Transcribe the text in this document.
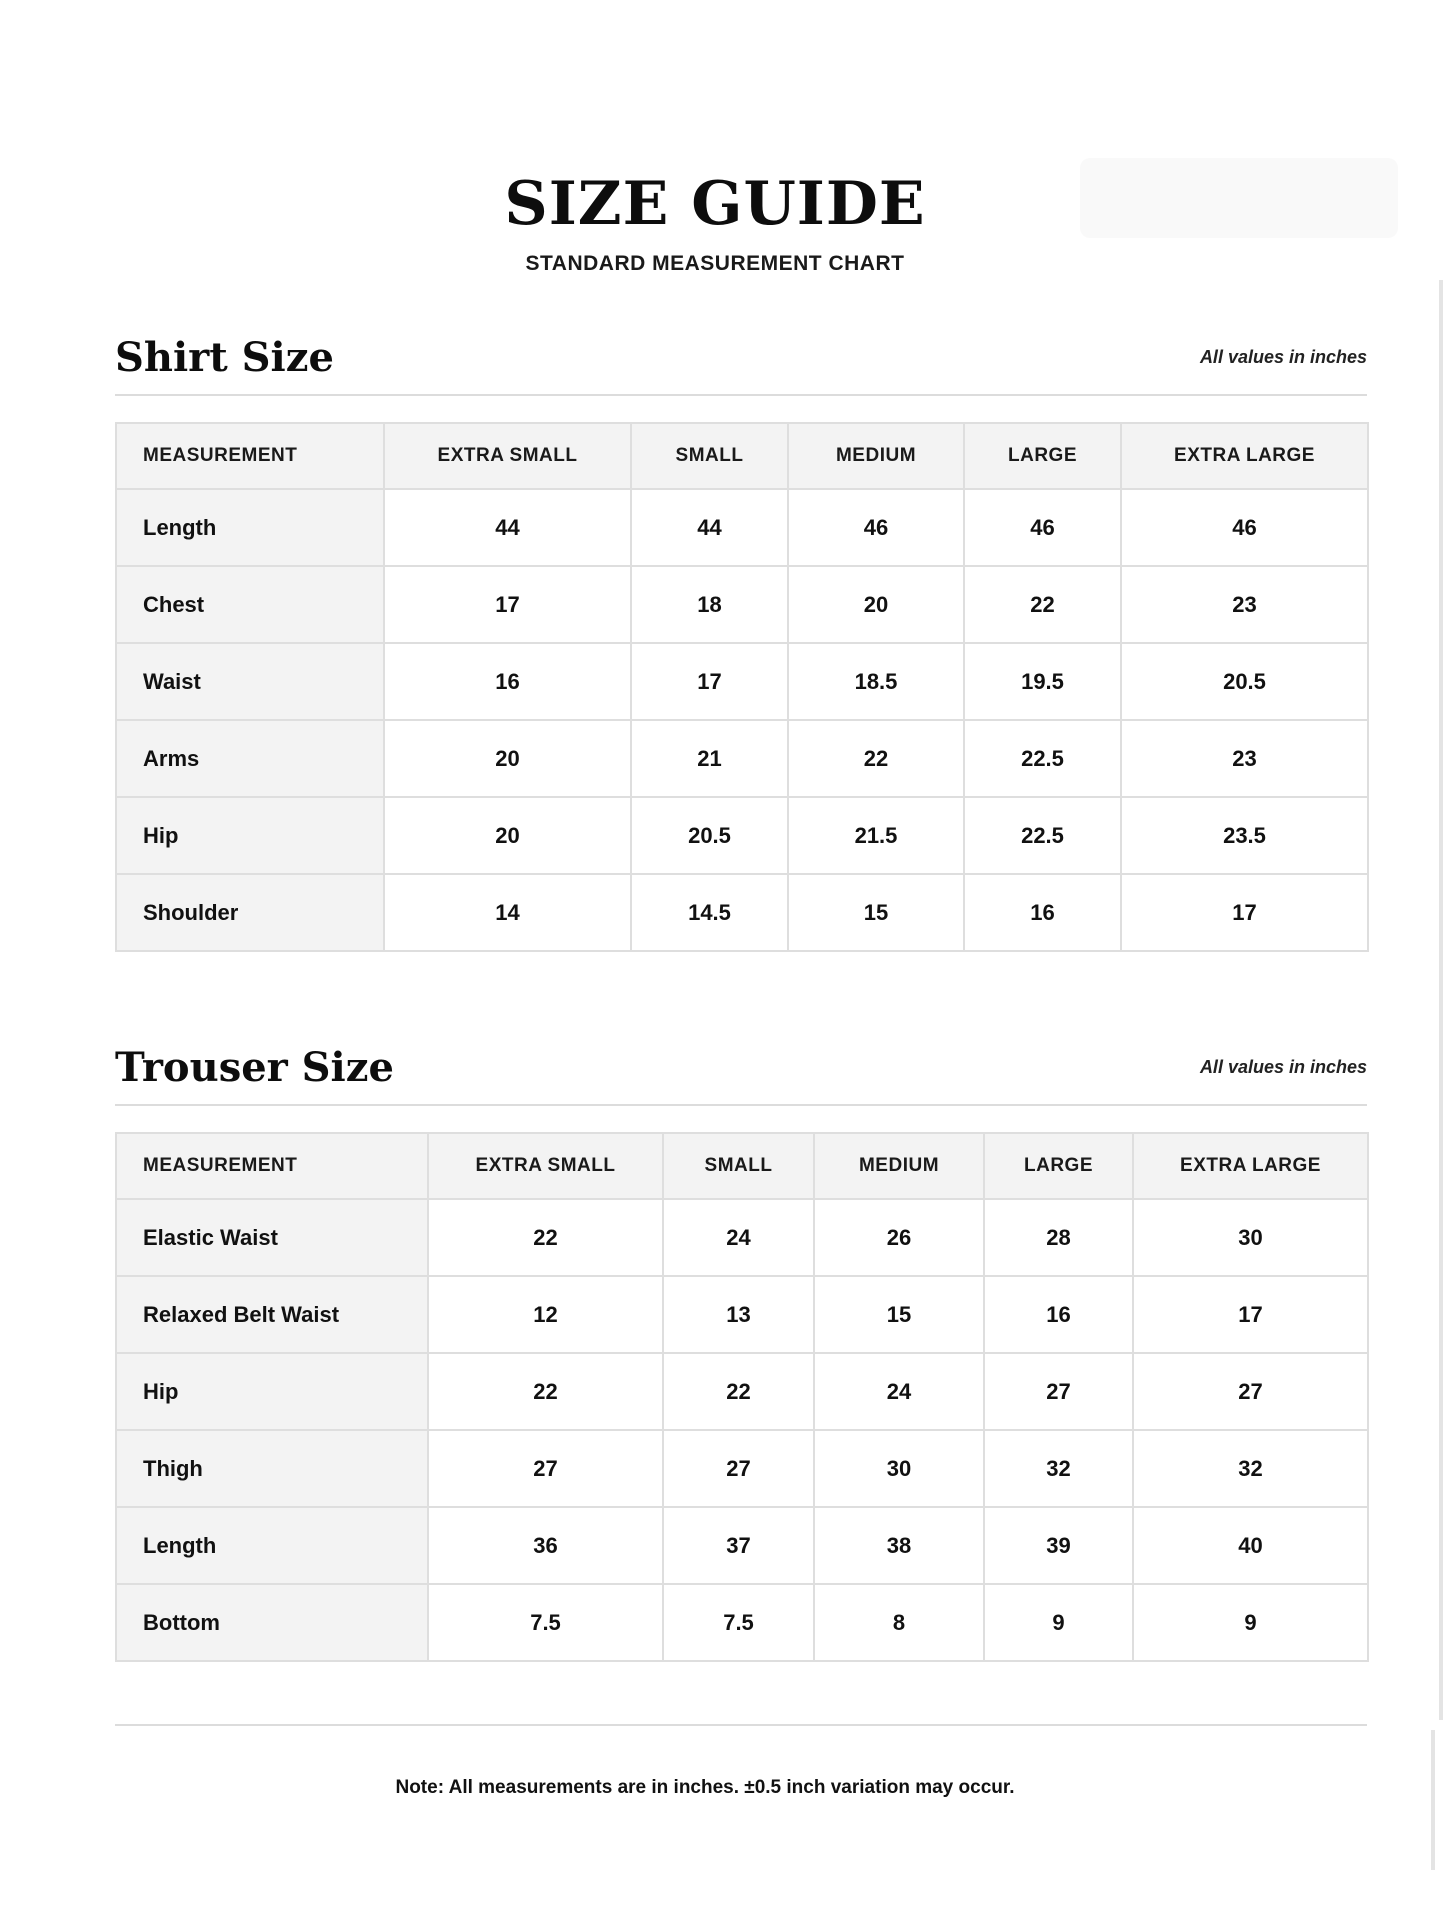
SIZE GUIDE
STANDARD MEASUREMENT CHART
Shirt Size	All values in inches
MEASUREMENT	EXTRA SMALL	SMALL	MEDIUM	LARGE	EXTRA LARGE
Length	44	44	46	46	46
Chest	17	18	20	22	23
Waist	16	17	18.5	19.5	20.5
Arms	20	21	22	22.5	23
Hip	20	20.5	21.5	22.5	23.5
Shoulder	14	14.5	15	16	17
Trouser Size	All values in inches
MEASUREMENT	EXTRA SMALL	SMALL	MEDIUM	LARGE	EXTRA LARGE
Elastic Waist	22	24	26	28	30
Relaxed Belt Waist	12	13	15	16	17
Hip	22	22	24	27	27
Thigh	27	27	30	32	32
Length	36	37	38	39	40
Bottom	7.5	7.5	8	9	9
Note: All measurements are in inches. ±0.5 inch variation may occur.
